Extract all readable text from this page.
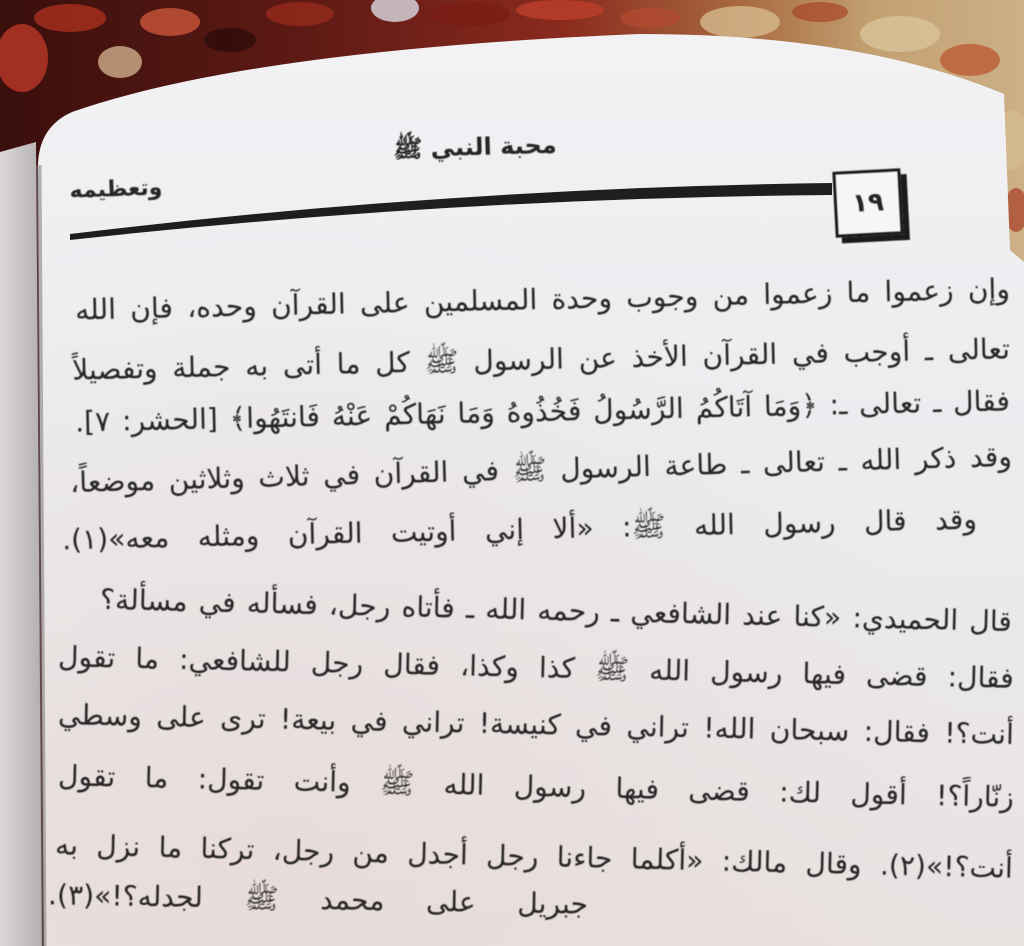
محبة النبي ﷺ
وتعظيمه	١٩
وإن زعموا ما زعموا من وجوب وحدة المسلمين على القرآن وحده، فإن الله
تعالى ـ أوجب في القرآن الأخذ عن الرسول ﷺ كل ما أتى به جملة وتفصيلاً
فقال ـ تعالى ـ: ﴿وَمَا آتَاكُمُ الرَّسُولُ فَخُذُوهُ وَمَا نَهَاكُمْ عَنْهُ فَانتَهُوا﴾ [الحشر: ٧].
وقد ذكر الله ـ تعالى ـ طاعة الرسول ﷺ في القرآن في ثلاث وثلاثين موضعاً،
وقد قال رسول الله ﷺ: «ألا إني أوتيت القرآن ومثله معه»(١).
قال الحميدي: «كنا عند الشافعي ـ رحمه الله ـ فأتاه رجل، فسأله في مسألة؟
فقال: قضى فيها رسول الله ﷺ كذا وكذا، فقال رجل للشافعي: ما تقول
أنت؟! فقال: سبحان الله! تراني في كنيسة! تراني في بيعة! ترى على وسطي
زنّاراً؟! أقول لك: قضى فيها رسول الله ﷺ وأنت تقول: ما تقول
أنت؟!»(٢). وقال مالك: «أكلما جاءنا رجل أجدل من رجل، تركنا ما نزل به
جبريل على محمد ﷺ لجدله؟!»(٣).
